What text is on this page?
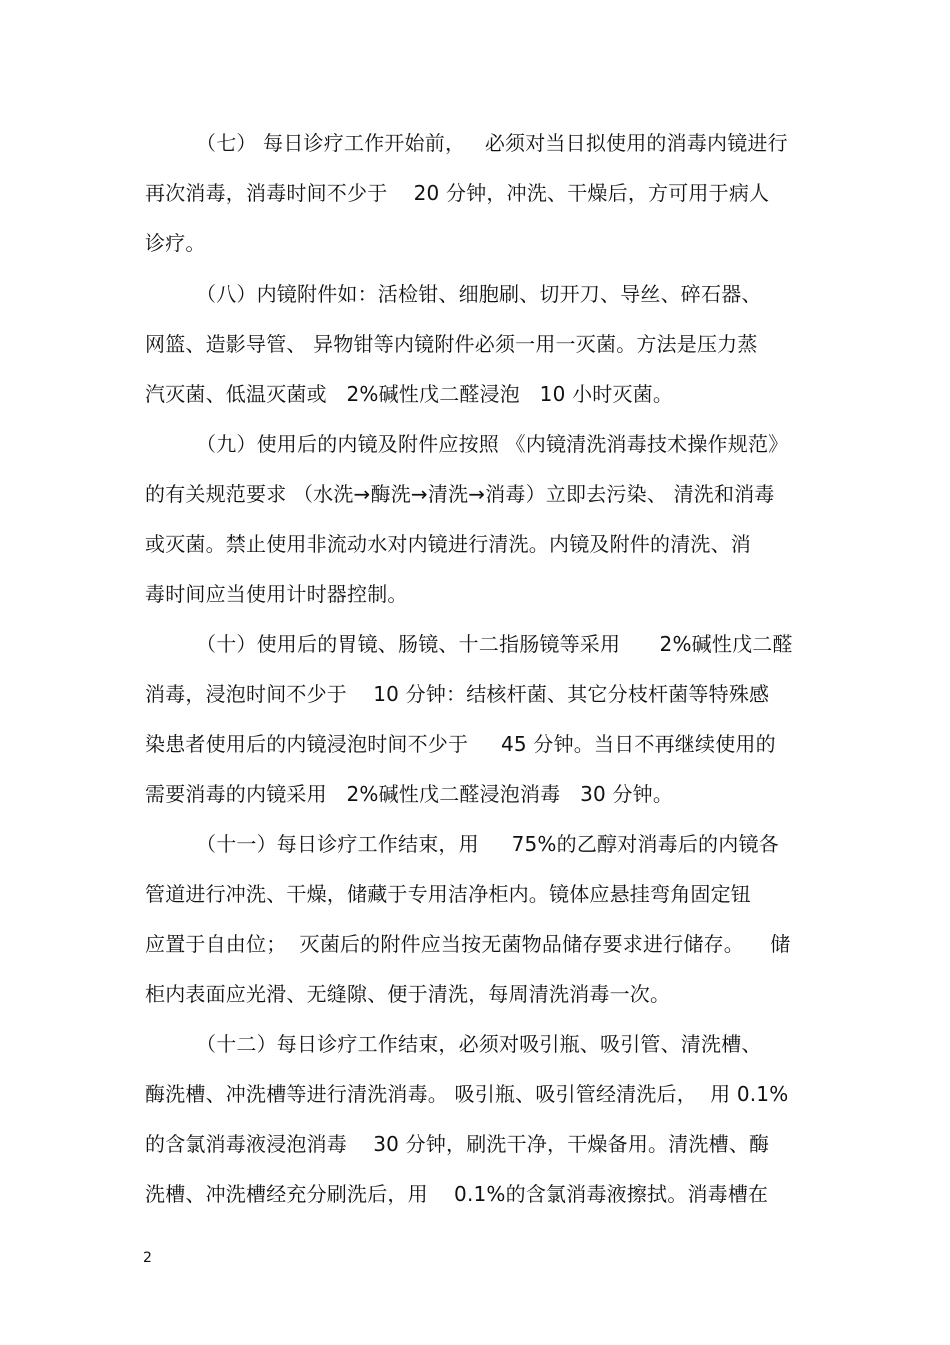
（七） 每日诊疗工作开始前，   必须对当日拟使用的消毒内镜进行
再次消毒，消毒时间不少于    20 分钟，冲洗、干燥后，方可用于病人
诊疗。
（八）内镜附件如：活检钳、细胞刷、切开刀、导丝、碎石器、
网篮、造影导管、 异物钳等内镜附件必须一用一灭菌。方法是压力蒸
汽灭菌、低温灭菌或   2%碱性戊二醛浸泡   10 小时灭菌。
（九）使用后的内镜及附件应按照 《内镜清洗消毒技术操作规范》
的有关规范要求 （水洗→酶洗→清洗→消毒）立即去污染、 清洗和消毒
或灭菌。禁止使用非流动水对内镜进行清洗。内镜及附件的清洗、消
毒时间应当使用计时器控制。
（十）使用后的胃镜、肠镜、十二指肠镜等采用      2%碱性戊二醛
消毒，浸泡时间不少于    10 分钟：结核杆菌、其它分枝杆菌等特殊感
染患者使用后的内镜浸泡时间不少于     45 分钟。当日不再继续使用的
需要消毒的内镜采用   2%碱性戊二醛浸泡消毒   30 分钟。
（十一）每日诊疗工作结束，用     75%的乙醇对消毒后的内镜各
管道进行冲洗、干燥，储藏于专用洁净柜内。镜体应悬挂弯角固定钮
应置于自由位；  灭菌后的附件应当按无菌物品储存要求进行储存。    储
柜内表面应光滑、无缝隙、便于清洗，每周清洗消毒一次。
（十二）每日诊疗工作结束，必须对吸引瓶、吸引管、清洗槽、
酶洗槽、冲洗槽等进行清洗消毒。 吸引瓶、吸引管经清洗后，  用 0.1%
的含氯消毒液浸泡消毒    30 分钟，刷洗干净，干燥备用。清洗槽、酶
洗槽、冲洗槽经充分刷洗后，用    0.1%的含氯消毒液擦拭。消毒槽在
2
